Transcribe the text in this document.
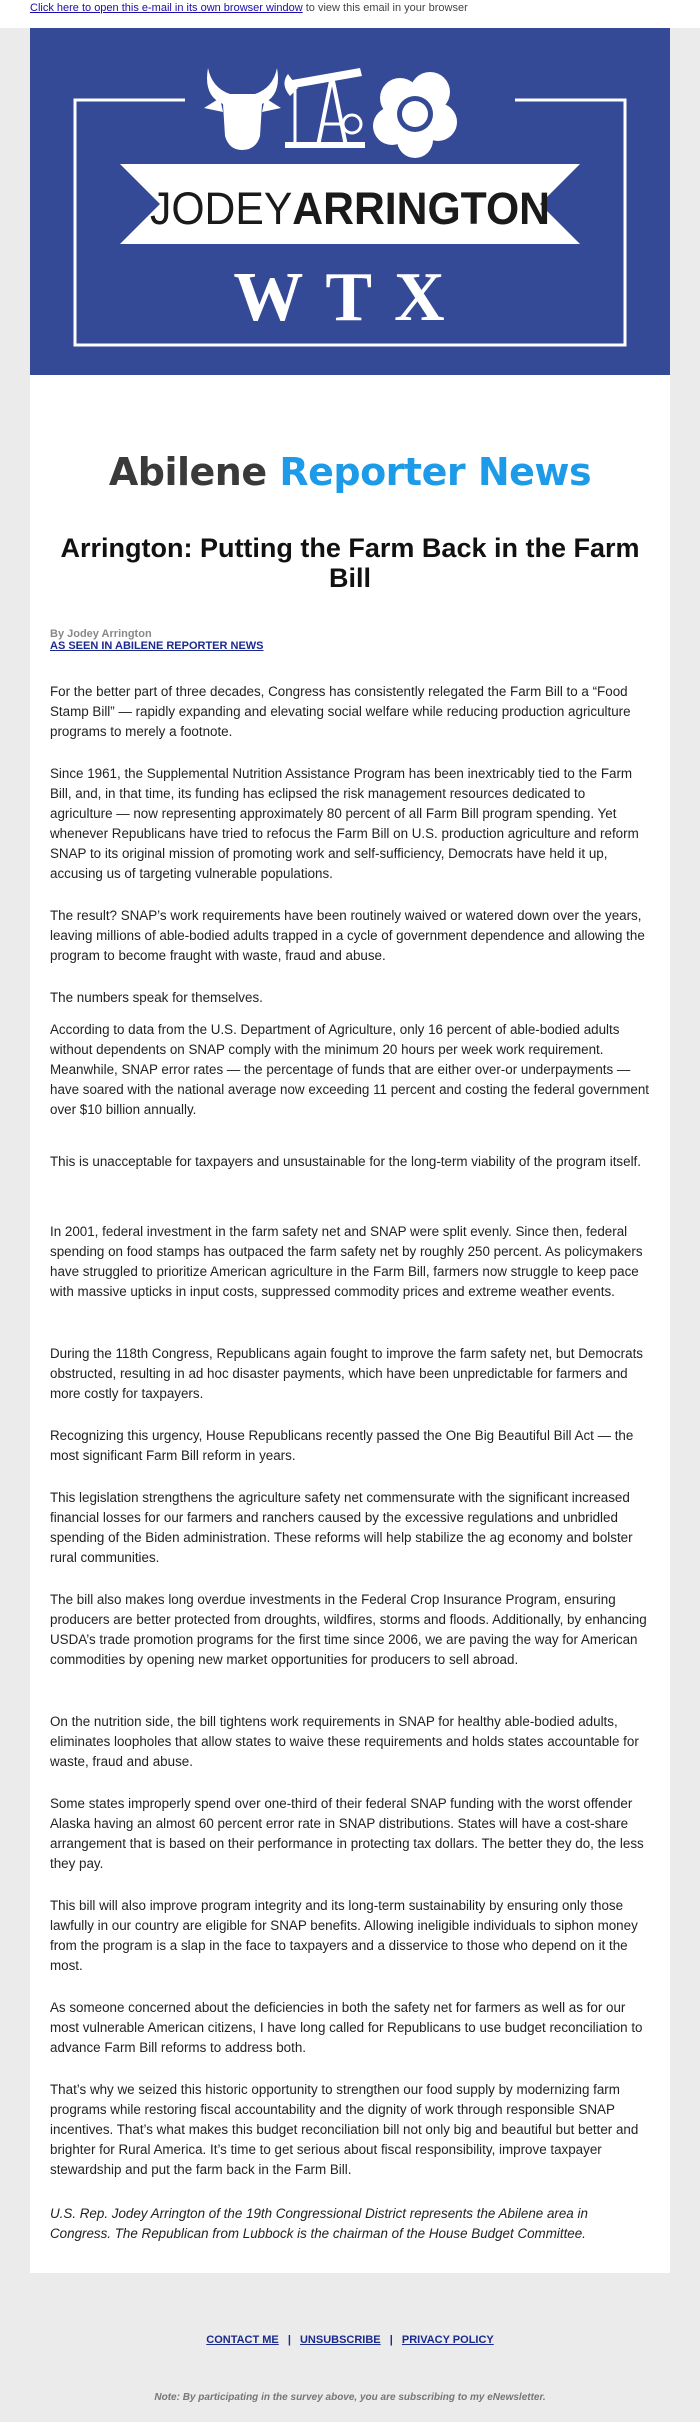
Click here to open this e-mail in its own browser window to view this email in your browser
JODEYARRINGTON
WTX
Abilene Reporter News
Arrington: Putting the Farm Back in the Farm Bill
By Jodey Arrington
AS SEEN IN ABILENE REPORTER NEWS

For the better part of three decades, Congress has consistently relegated the Farm Bill to a “Food Stamp Bill” — rapidly expanding and elevating social welfare while reducing production agriculture programs to merely a footnote.

Since 1961, the Supplemental Nutrition Assistance Program has been inextricably tied to the Farm Bill, and, in that time, its funding has eclipsed the risk management resources dedicated to agriculture — now representing approximately 80 percent of all Farm Bill program spending. Yet whenever Republicans have tried to refocus the Farm Bill on U.S. production agriculture and reform SNAP to its original mission of promoting work and self-sufficiency, Democrats have held it up, accusing us of targeting vulnerable populations.

The result? SNAP’s work requirements have been routinely waived or watered down over the years, leaving millions of able-bodied adults trapped in a cycle of government dependence and allowing the program to become fraught with waste, fraud and abuse.

The numbers speak for themselves.

According to data from the U.S. Department of Agriculture, only 16 percent of able-bodied adults without dependents on SNAP comply with the minimum 20 hours per week work requirement. Meanwhile, SNAP error rates — the percentage of funds that are either over-or underpayments — have soared with the national average now exceeding 11 percent and costing the federal government over $10 billion annually.

This is unacceptable for taxpayers and unsustainable for the long-term viability of the program itself.

In 2001, federal investment in the farm safety net and SNAP were split evenly. Since then, federal spending on food stamps has outpaced the farm safety net by roughly 250 percent. As policymakers have struggled to prioritize American agriculture in the Farm Bill, farmers now struggle to keep pace with massive upticks in input costs, suppressed commodity prices and extreme weather events.

During the 118th Congress, Republicans again fought to improve the farm safety net, but Democrats obstructed, resulting in ad hoc disaster payments, which have been unpredictable for farmers and more costly for taxpayers.

Recognizing this urgency, House Republicans recently passed the One Big Beautiful Bill Act — the most significant Farm Bill reform in years.

This legislation strengthens the agriculture safety net commensurate with the significant increased financial losses for our farmers and ranchers caused by the excessive regulations and unbridled spending of the Biden administration. These reforms will help stabilize the ag economy and bolster rural communities.

The bill also makes long overdue investments in the Federal Crop Insurance Program, ensuring producers are better protected from droughts, wildfires, storms and floods. Additionally, by enhancing USDA’s trade promotion programs for the first time since 2006, we are paving the way for American commodities by opening new market opportunities for producers to sell abroad.

On the nutrition side, the bill tightens work requirements in SNAP for healthy able-bodied adults, eliminates loopholes that allow states to waive these requirements and holds states accountable for waste, fraud and abuse.

Some states improperly spend over one-third of their federal SNAP funding with the worst offender Alaska having an almost 60 percent error rate in SNAP distributions. States will have a cost-share arrangement that is based on their performance in protecting tax dollars. The better they do, the less they pay.

This bill will also improve program integrity and its long-term sustainability by ensuring only those lawfully in our country are eligible for SNAP benefits. Allowing ineligible individuals to siphon money from the program is a slap in the face to taxpayers and a disservice to those who depend on it the most.

As someone concerned about the deficiencies in both the safety net for farmers as well as for our most vulnerable American citizens, I have long called for Republicans to use budget reconciliation to advance Farm Bill reforms to address both.

That’s why we seized this historic opportunity to strengthen our food supply by modernizing farm programs while restoring fiscal accountability and the dignity of work through responsible SNAP incentives. That’s what makes this budget reconciliation bill not only big and beautiful but better and brighter for Rural America. It’s time to get serious about fiscal responsibility, improve taxpayer stewardship and put the farm back in the Farm Bill.

U.S. Rep. Jodey Arrington of the 19th Congressional District represents the Abilene area in Congress. The Republican from Lubbock is the chairman of the House Budget Committee.

CONTACT ME | UNSUBSCRIBE | PRIVACY POLICY
Note: By participating in the survey above, you are subscribing to my eNewsletter.
